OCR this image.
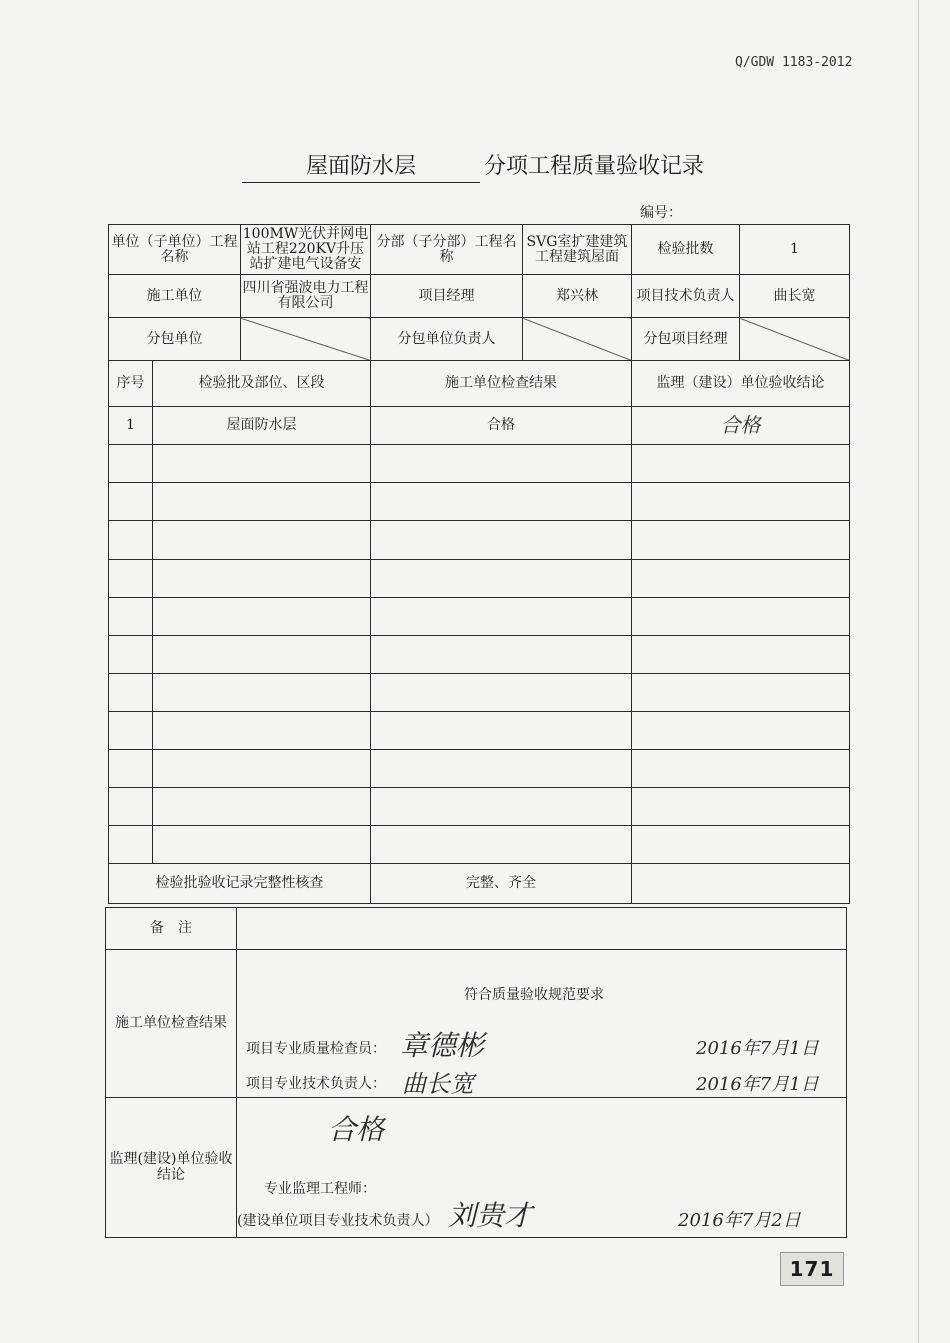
Q/GDW 1183-2012
屋面防水层	分项工程质量验收记录
编号：
单位（子单位）工程名称		100MW光伏并网电站工程220KV升压站扩建电气设备安	分部（子分部）工程名称	SVG室扩建建筑工程建筑屋面	检验批数	1
施工单位		四川省强波电力工程有限公司	项目经理	郑兴林	项目技术负责人	曲长宽
分包单位			分包单位负责人		分包项目经理	
序号	检验批及部位、区段		施工单位检查结果		监理（建设）单位验收结论	
1	屋面防水层		合格		合格	

检验批验收记录完整性核查			完整、齐全			
备　注
施工单位检查结果
符合质量验收规范要求
项目专业质量检查员： 章德彬	2016年7月1日
项目专业技术负责人： 曲长宽	2016年7月1日
监理(建设)单位验收结论
合格
专业监理工程师：
(建设单位项目专业技术负责人） 刘贵才	2016年7月2日
171
